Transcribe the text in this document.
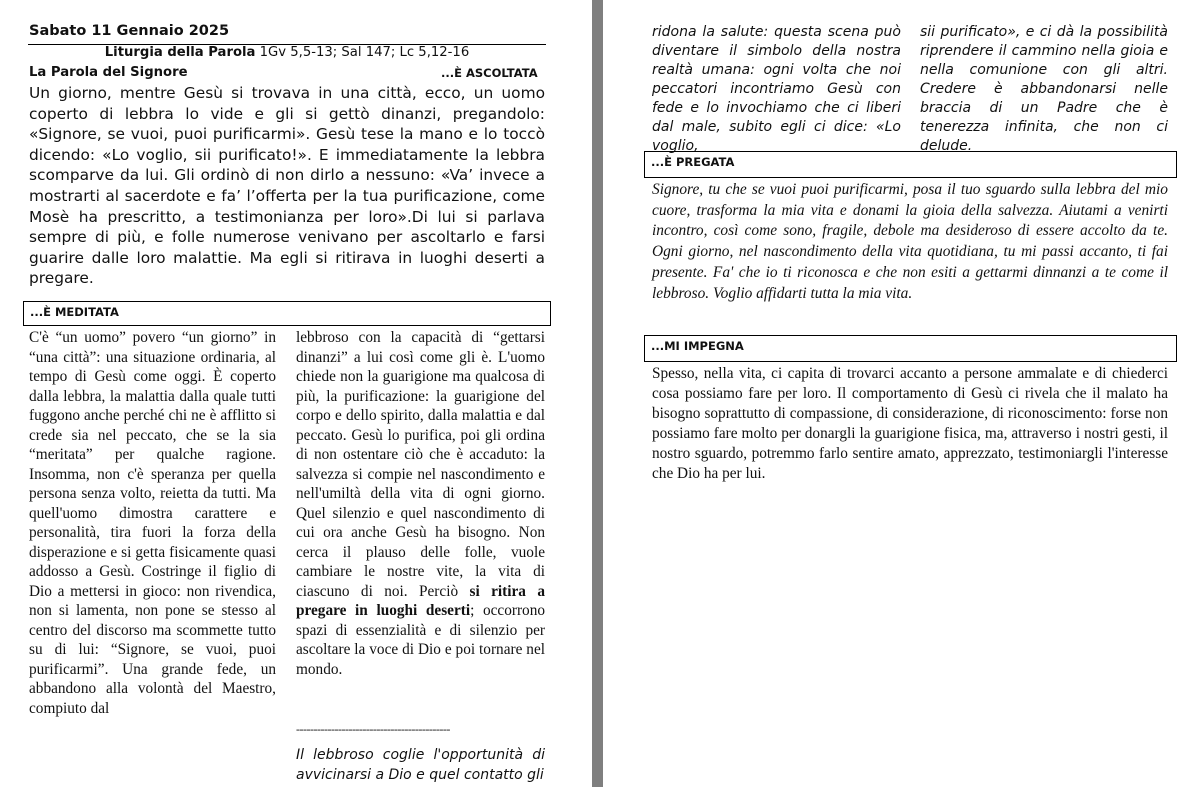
Sabato 11 Gennaio 2025
Liturgia della Parola 1Gv 5,5-13; Sal 147; Lc 5,12-16
La Parola del Signore	...È ASCOLTATA
Un giorno, mentre Gesù si trovava in una città, ecco, un uomo coperto di lebbra lo vide e gli si gettò dinanzi, pregandolo: «Signore, se vuoi, puoi purificarmi». Gesù tese la mano e lo toccò dicendo: «Lo voglio, sii purificato!». E immediatamente la lebbra scomparve da lui. Gli ordinò di non dirlo a nessuno: «Va’ invece a mostrarti al sacerdote e fa’ l’offerta per la tua purificazione, come Mosè ha prescritto, a testimonianza per loro».Di lui si parlava sempre di più, e folle numerose venivano per ascoltarlo e farsi guarire dalle loro malattie. Ma egli si ritirava in luoghi deserti a pregare.
...È MEDITATA
C'è “un uomo” povero “un giorno” in “una città”: una situazione ordinaria, al tempo di Gesù come oggi. È coperto dalla lebbra, la malattia dalla quale tutti fuggono anche perché chi ne è afflitto si crede sia nel peccato, che se la sia “meritata” per qualche ragione. Insomma, non c'è speranza per quella persona senza volto, reietta da tutti. Ma quell'uomo dimostra carattere e personalità, tira fuori la forza della disperazione e si getta fisicamente quasi addosso a Gesù. Costringe il figlio di Dio a mettersi in gioco: non rivendica, non si lamenta, non pone se stesso al centro del discorso ma scommette tutto su di lui: “Signore, se vuoi, puoi purificarmi”. Una grande fede, un abbandono alla volontà del Maestro, compiuto dal
lebbroso con la capacità di “gettarsi dinanzi” a lui così come gli è. L'uomo chiede non la guarigione ma qualcosa di più, la purificazione: la guarigione del corpo e dello spirito, dalla malattia e dal peccato. Gesù lo purifica, poi gli ordina di non ostentare ciò che è accaduto: la salvezza si compie nel nascondimento e nell'umiltà della vita di ogni giorno. Quel silenzio e quel nascondimento di cui ora anche Gesù ha bisogno. Non cerca il plauso delle folle, vuole cambiare le nostre vite, la vita di ciascuno di noi. Perciò si ritira a pregare in luoghi deserti; occorrono spazi di essenzialità e di silenzio per ascoltare la voce di Dio e poi tornare nel mondo.
--------------------------------------------
Il lebbroso coglie l'opportunità di avvicinarsi a Dio e quel contatto gli
ridona la salute: questa scena può diventare il simbolo della nostra realtà umana: ogni volta che noi peccatori incontriamo Gesù con fede e lo invochiamo che ci liberi dal male, subito egli ci dice: «Lo voglio,
sii purificato», e ci dà la possibilità riprendere il cammino nella gioia e nella comunione con gli altri. Credere è abbandonarsi nelle braccia di un Padre che è tenerezza infinita, che non ci delude.
...È PREGATA
Signore, tu che se vuoi puoi purificarmi, posa il tuo sguardo sulla lebbra del mio cuore, trasforma la mia vita e donami la gioia della salvezza. Aiutami a venirti incontro, così come sono, fragile, debole ma desideroso di essere accolto da te. Ogni giorno, nel nascondimento della vita quotidiana, tu mi passi accanto, ti fai presente. Fa' che io ti riconosca e che non esiti a gettarmi dinnanzi a te come il lebbroso. Voglio affidarti tutta la mia vita.
...MI IMPEGNA
Spesso, nella vita, ci capita di trovarci accanto a persone ammalate e di chiederci cosa possiamo fare per loro. Il comportamento di Gesù ci rivela che il malato ha bisogno soprattutto di compassione, di considerazione, di riconoscimento: forse non possiamo fare molto per donargli la guarigione fisica, ma, attraverso i nostri gesti, il nostro sguardo, potremmo farlo sentire amato, apprezzato, testimoniargli l'interesse che Dio ha per lui.
